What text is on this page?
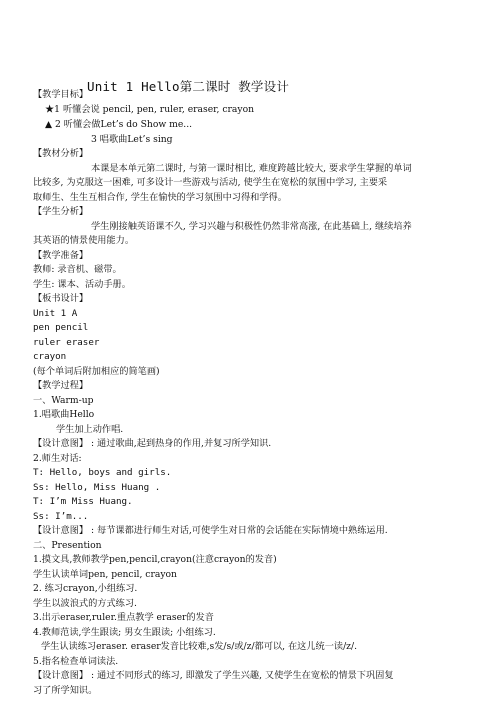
Unit 1 Hello第二课时 教学设计
【教学目标】
★1 听懂会说 pencil, pen, ruler, eraser, crayon
▲ 2 听懂会做Let’s do Show me...
3 唱歌曲Let’s sing
【教材分析】
本课是本单元第二课时, 与第一课时相比, 难度跨越比较大, 要求学生掌握的单词
比较多, 为克服这一困难, 可多设计一些游戏与活动, 使学生在宽松的氛围中学习, 主要采
取师生、生生互相合作, 学生在愉快的学习氛围中习得和学得。
【学生分析】
学生刚接触英语课不久, 学习兴趣与积极性仍然非常高涨, 在此基础上, 继续培养
其英语的情景使用能力。
【教学准备】
教师: 录音机、磁带。
学生: 课本、活动手册。
【板书设计】
Unit 1 A
pen pencil
ruler eraser
crayon
(每个单词后附加相应的简笔画)
【教学过程】
一、Warm-up
1.唱歌曲Hello
学生加上动作唱.
【设计意图】 : 通过歌曲,起到热身的作用,并复习所学知识.
2.师生对话:
T: Hello, boys and girls.
Ss: Hello, Miss Huang .
T: I’m Miss Huang.
Ss: I’m...
【设计意图】 : 每节课都进行师生对话,可使学生对日常的会话能在实际情境中熟练运用.
二、Presention
1.摸文具,教师教学pen,pencil,crayon(注意crayon的发音)
学生认读单词pen, pencil, crayon
2. 练习crayon,小组练习.
学生以波浪式的方式练习.
3.出示eraser,ruler.重点教学 eraser的发音
4.教师范读,学生跟读; 男女生跟读; 小组练习.
学生认读练习eraser. eraser发音比较难,s发/s/或/z/都可以, 在这儿统一读/z/.
5.指名检查单词读法.
【设计意图】 : 通过不同形式的练习, 即激发了学生兴趣, 又使学生在宽松的情景下巩固复
习了所学知识。
